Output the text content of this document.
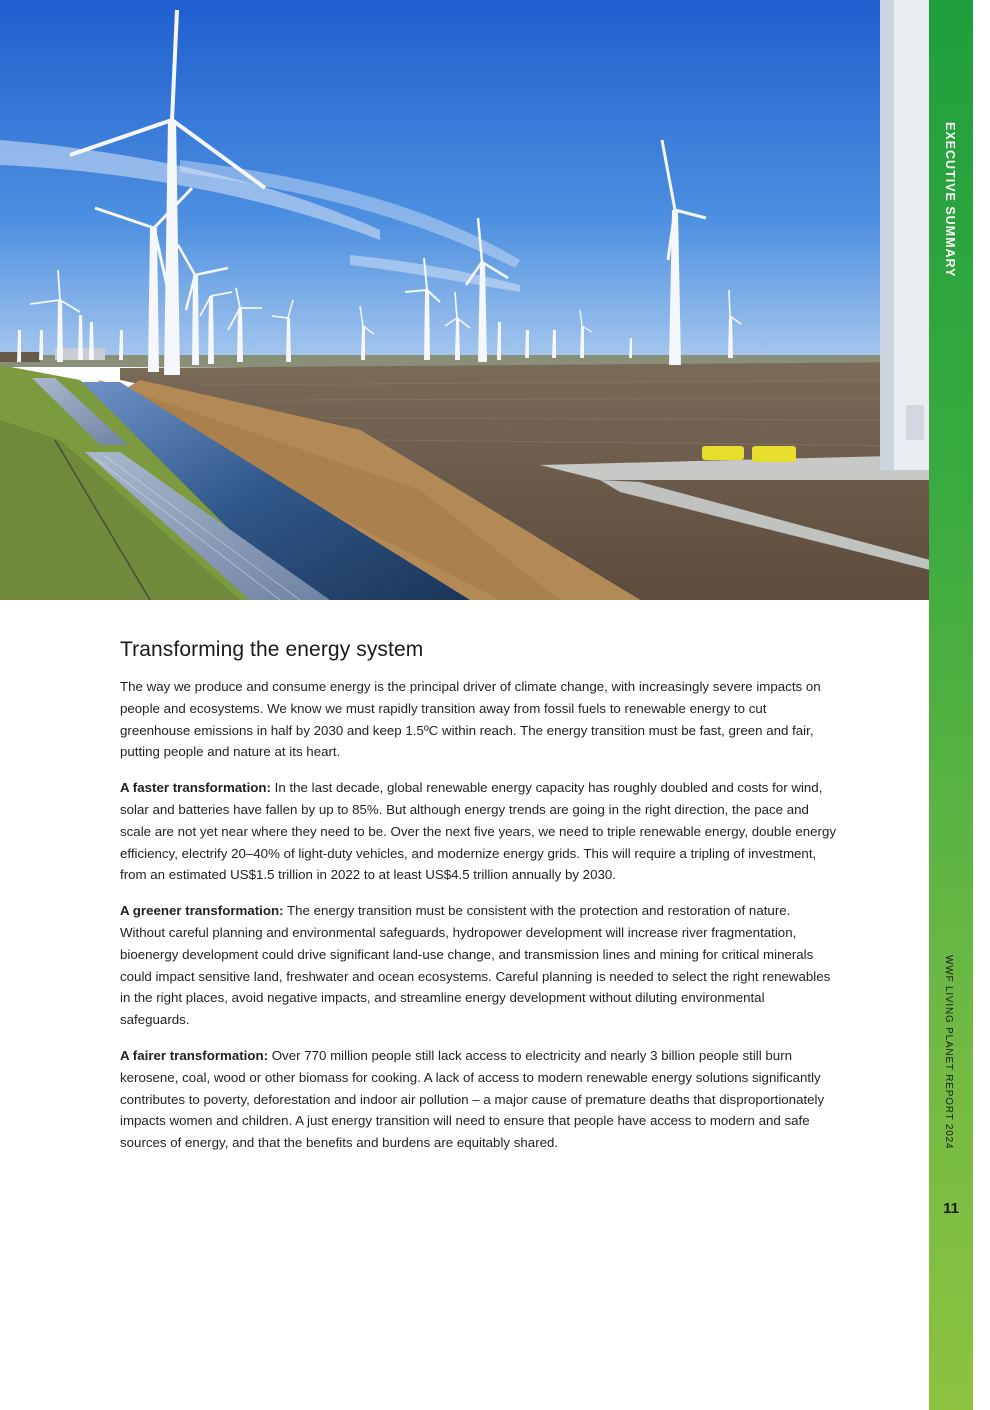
EXECUTIVE SUMMARY
WWF LIVING PLANET REPORT 2024
11
Transforming the energy system

The way we produce and consume energy is the principal driver of climate change, with increasingly severe impacts on people and ecosystems. We know we must rapidly transition away from fossil fuels to renewable energy to cut greenhouse emissions in half by 2030 and keep 1.5ºC within reach. The energy transition must be fast, green and fair, putting people and nature at its heart.

A faster transformation: In the last decade, global renewable energy capacity has roughly doubled and costs for wind, solar and batteries have fallen by up to 85%. But although energy trends are going in the right direction, the pace and scale are not yet near where they need to be. Over the next five years, we need to triple renewable energy, double energy efficiency, electrify 20–40% of light-duty vehicles, and modernize energy grids. This will require a tripling of investment, from an estimated US$1.5 trillion in 2022 to at least US$4.5 trillion annually by 2030.

A greener transformation: The energy transition must be consistent with the protection and restoration of nature. Without careful planning and environmental safeguards, hydropower development will increase river fragmentation, bioenergy development could drive significant land-use change, and transmission lines and mining for critical minerals could impact sensitive land, freshwater and ocean ecosystems. Careful planning is needed to select the right renewables in the right places, avoid negative impacts, and streamline energy development without diluting environmental safeguards.

A fairer transformation: Over 770 million people still lack access to electricity and nearly 3 billion people still burn kerosene, coal, wood or other biomass for cooking. A lack of access to modern renewable energy solutions significantly contributes to poverty, deforestation and indoor air pollution – a major cause of premature deaths that disproportionately impacts women and children. A just energy transition will need to ensure that people have access to modern and safe sources of energy, and that the benefits and burdens are equitably shared.
